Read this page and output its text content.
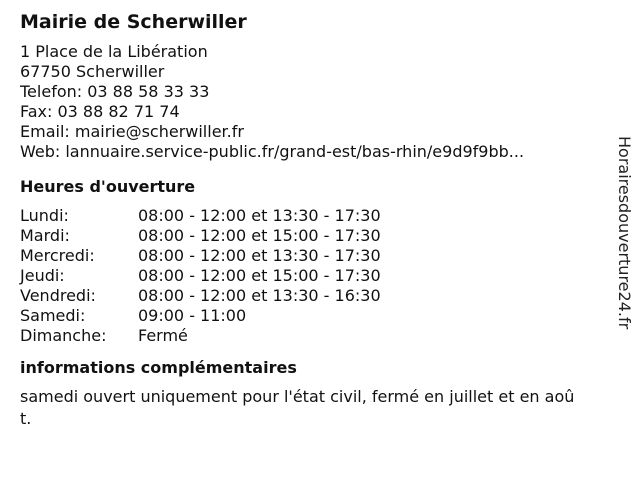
Mairie de Scherwiller
1 Place de la Libération
67750 Scherwiller
Telefon: 03 88 58 33 33
Fax: 03 88 82 71 74
Email: mairie@scherwiller.fr
Web: lannuaire.service-public.fr/grand-est/bas-rhin/e9d9f9bb...
Heures d'ouverture
Lundi:	08:00 - 12:00 et 13:30 - 17:30
Mardi:	08:00 - 12:00 et 15:00 - 17:30
Mercredi:	08:00 - 12:00 et 13:30 - 17:30
Jeudi:	08:00 - 12:00 et 15:00 - 17:30
Vendredi:	08:00 - 12:00 et 13:30 - 16:30
Samedi:	09:00 - 11:00
Dimanche:	Fermé
informations complémentaires
samedi ouvert uniquement pour l'état civil, fermé en juillet et en août.
Horairesdouverture24.fr
